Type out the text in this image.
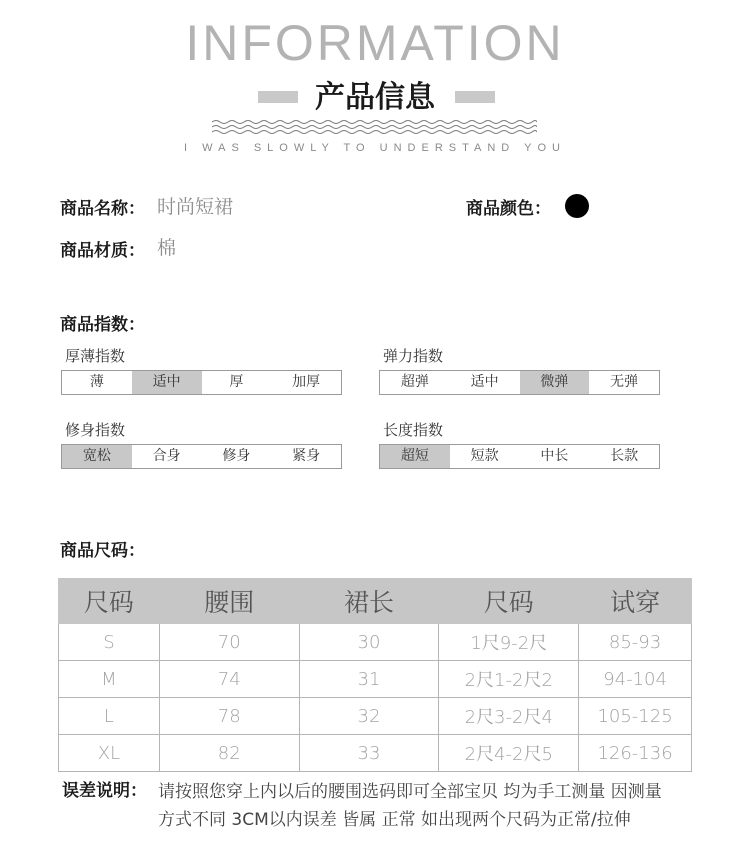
INFORMATION
产品信息
I WAS SLOWLY TO UNDERSTAND YOU
商品名称： 时尚短裙	商品颜色：
商品材质： 棉
商品指数：
厚薄指数
薄	适中	厚	加厚
弹力指数
超弹	适中	微弹	无弹
修身指数
宽松	合身	修身	紧身
长度指数
超短	短款	中长	长款
商品尺码：
尺码	腰围	裙长	尺码	试穿
S	70	30	1尺9-2尺	85-93
M	74	31	2尺1-2尺2	94-104
L	78	32	2尺3-2尺4	105-125
XL	82	33	2尺4-2尺5	126-136
误差说明： 请按照您穿上内以后的腰围选码即可全部宝贝 均为手工测量 因测量
方式不同 3CM以内误差 皆属 正常 如出现两个尺码为正常/拉伸
